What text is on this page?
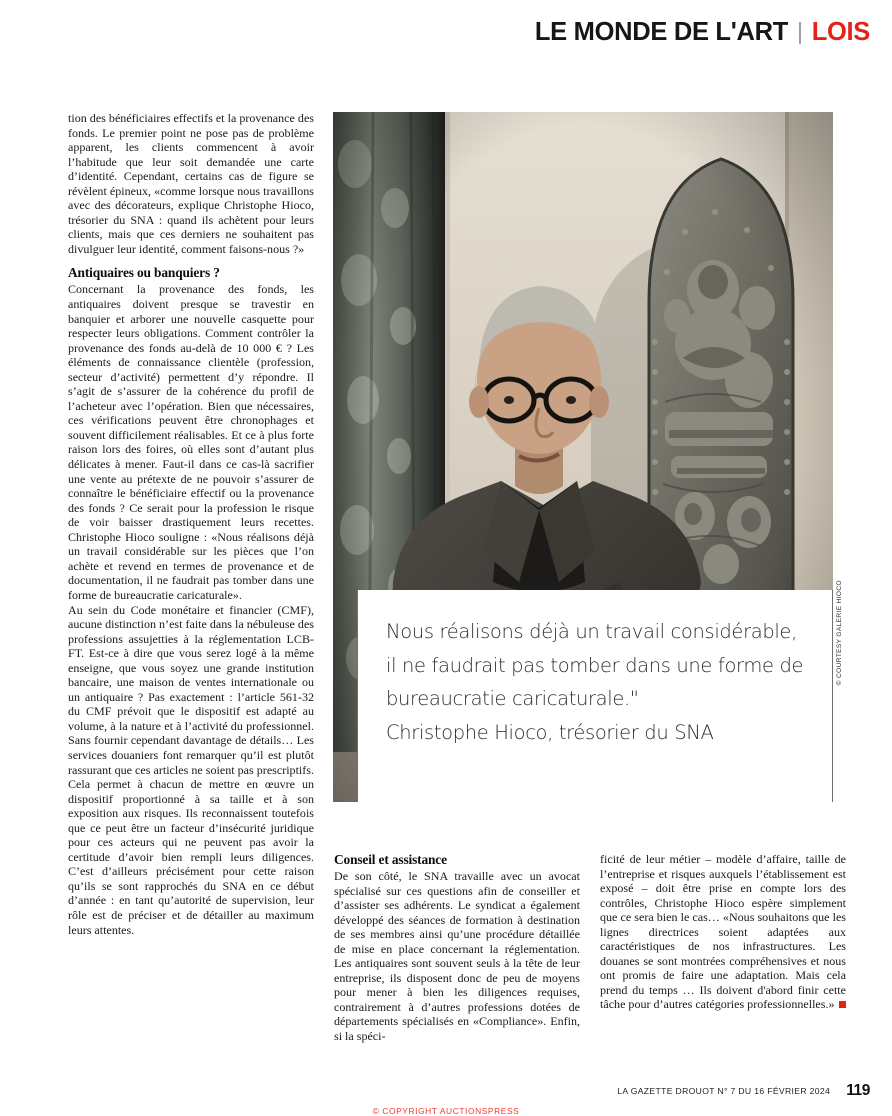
LE MONDE DE L'ART | LOIS

tion des bénéficiaires effectifs et la provenance des fonds. Le premier point ne pose pas de problème apparent, les clients commencent à avoir l’habitude que leur soit demandée une carte d’identité. Cependant, certains cas de figure se révèlent épineux, «comme lorsque nous travaillons avec des décorateurs, explique Christophe Hioco, trésorier du SNA : quand ils achètent pour leurs clients, mais que ces derniers ne souhaitent pas divulguer leur identité, comment faisons-nous ?»

Antiquaires ou banquiers ?

Concernant la provenance des fonds, les antiquaires doivent presque se travestir en banquier et arborer une nouvelle casquette pour respecter leurs obligations. Comment contrôler la provenance des fonds au-delà de 10 000 € ? Les éléments de connaissance clientèle (profession, secteur d’activité) permettent d’y répondre. Il s’agit de s’assurer de la cohérence du profil de l’acheteur avec l’opération. Bien que nécessaires, ces vérifications peuvent être chronophages et souvent difficilement réalisables. Et ce à plus forte raison lors des foires, où elles sont d’autant plus délicates à mener. Faut-il dans ce cas-là sacrifier une vente au prétexte de ne pouvoir s’assurer de connaître le bénéficiaire effectif ou la provenance des fonds ? Ce serait pour la profession le risque de voir baisser drastiquement leurs recettes. Christophe Hioco souligne : «Nous réalisons déjà un travail considérable sur les pièces que l’on achète et revend en termes de provenance et de documentation, il ne faudrait pas tomber dans une forme de bureaucratie caricaturale».

Au sein du Code monétaire et financier (CMF), aucune distinction n’est faite dans la nébuleuse des professions assujetties à la réglementation LCB-FT. Est-ce à dire que vous serez logé à la même enseigne, que vous soyez une grande institution bancaire, une maison de ventes internationale ou un antiquaire ? Pas exactement : l’article 561-32 du CMF prévoit que le dispositif est adapté au volume, à la nature et à l’activité du professionnel. Sans fournir cependant davantage de détails… Les services douaniers font remarquer qu’il est plutôt rassurant que ces articles ne soient pas prescriptifs. Cela permet à chacun de mettre en œuvre un dispositif proportionné à sa taille et à son exposition aux risques. Ils reconnaissent toutefois que ce peut être un facteur d’insécurité juridique pour ces acteurs qui ne peuvent pas avoir la certitude d’avoir bien rempli leurs diligences. C’est d’ailleurs précisément pour cette raison qu’ils se sont rapprochés du SNA en ce début d’année : en tant qu’autorité de supervision, leur rôle est de préciser et de détailler au maximum leurs attentes.

© COURTESY GALERIE HIOCO
Nous réalisons déjà un travail considérable, il ne faudrait pas tomber dans une forme de bureaucratie caricaturale."
Christophe Hioco, trésorier du SNA
Conseil et assistance

De son côté, le SNA travaille avec un avocat spécialisé sur ces questions afin de conseiller et d’assister ses adhérents. Le syndicat a également développé des séances de formation à destination de ses membres ainsi qu’une procédure détaillée de mise en place concernant la réglementation. Les antiquaires sont souvent seuls à la tête de leur entreprise, ils disposent donc de peu de moyens pour mener à bien les diligences requises, contrairement à d’autres professions dotées de départements spécialisés en «Compliance». Enfin, si la spéci-

ficité de leur métier – modèle d’affaire, taille de l’entreprise et risques auxquels l’établissement est exposé – doit être prise en compte lors des contrôles, Christophe Hioco espère simplement que ce sera bien le cas… «Nous souhaitons que les lignes directrices soient adaptées aux caractéristiques de nos infrastructures. Les douanes se sont montrées compréhensives et nous ont promis de faire une adaptation. Mais cela prend du temps … Ils doivent d'abord finir cette tâche pour d’autres catégories professionnelles.»

LA GAZETTE DROUOT N° 7 DU 16 FÉVRIER 2024 119
© COPYRIGHT AUCTIONSPRESS
